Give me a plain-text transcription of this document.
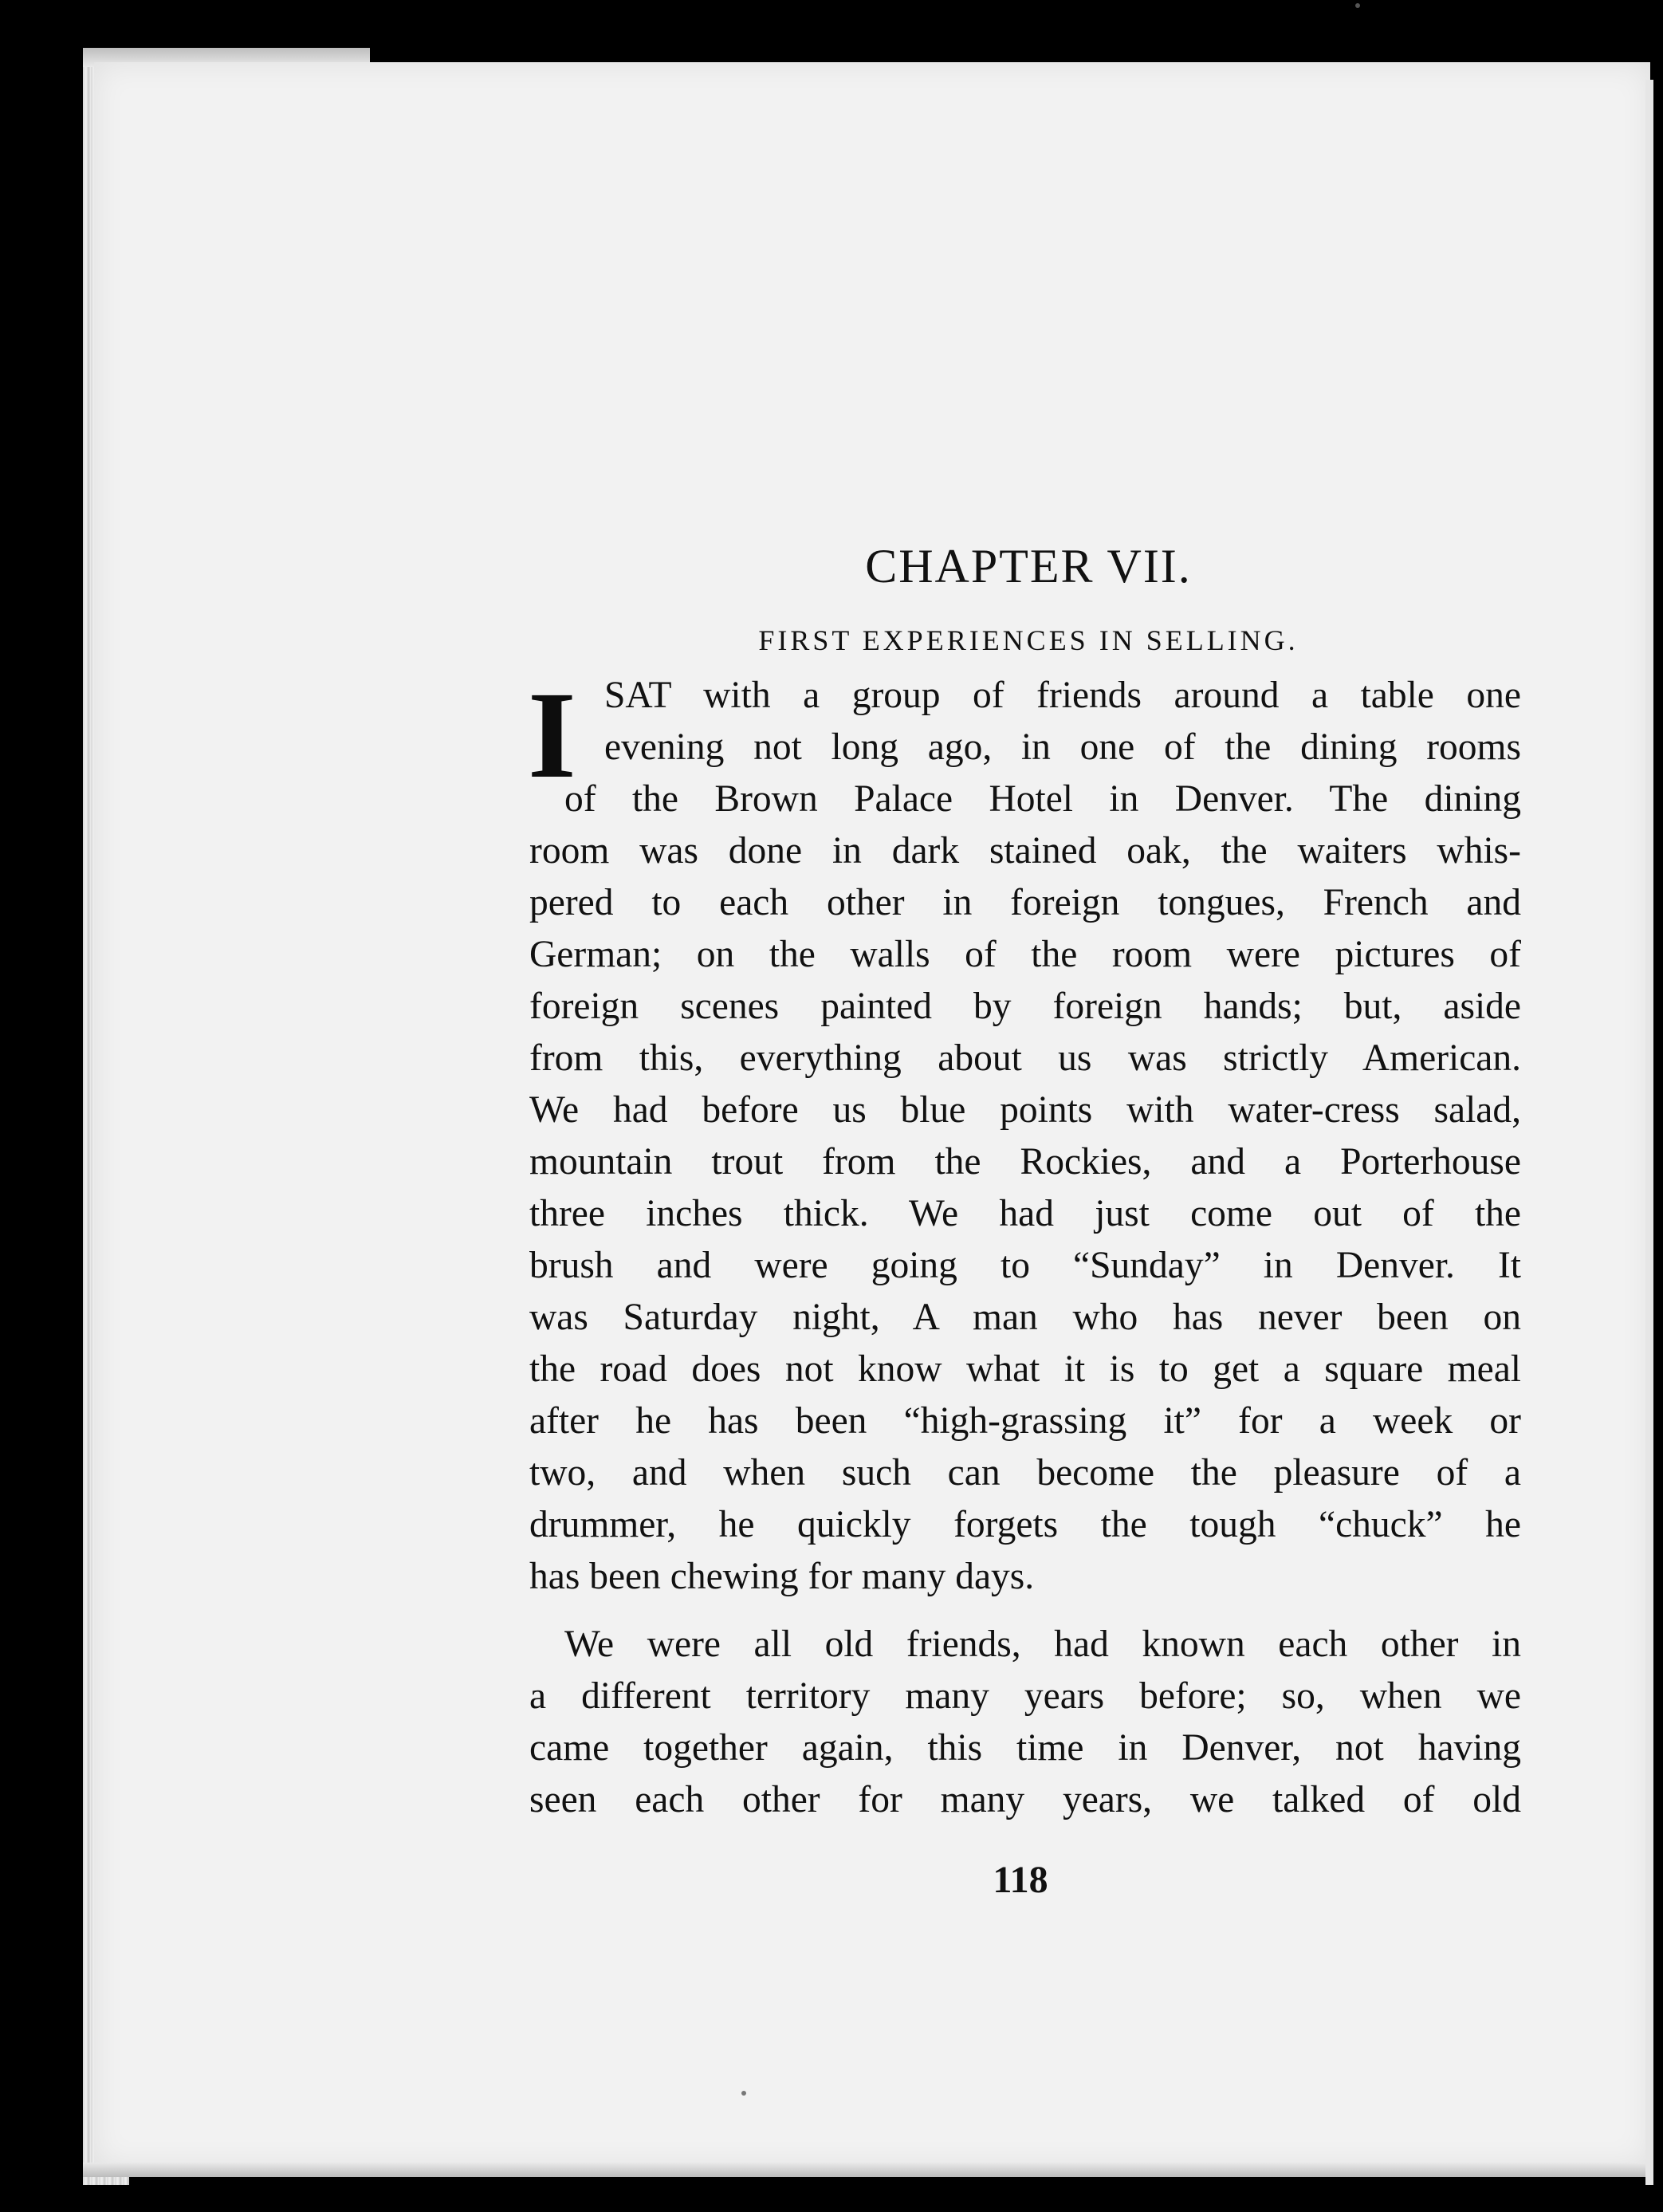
CHAPTER VII.
FIRST EXPERIENCES IN SELLING.
I SAT with a group of friends around a table one
evening not long ago, in one of the dining rooms
of the Brown Palace Hotel in Denver. The dining
room was done in dark stained oak, the waiters whis-
pered to each other in foreign tongues, French and
German; on the walls of the room were pictures of
foreign scenes painted by foreign hands; but, aside
from this, everything about us was strictly American.
We had before us blue points with water-cress salad,
mountain trout from the Rockies, and a Porterhouse
three inches thick. We had just come out of the
brush and were going to “Sunday” in Denver. It
was Saturday night, A man who has never been on
the road does not know what it is to get a square meal
after he has been “high-grassing it” for a week or
two, and when such can become the pleasure of a
drummer, he quickly forgets the tough “chuck” he
has been chewing for many days.
We were all old friends, had known each other in
a different territory many years before; so, when we
came together again, this time in Denver, not having
seen each other for many years, we talked of old

118
